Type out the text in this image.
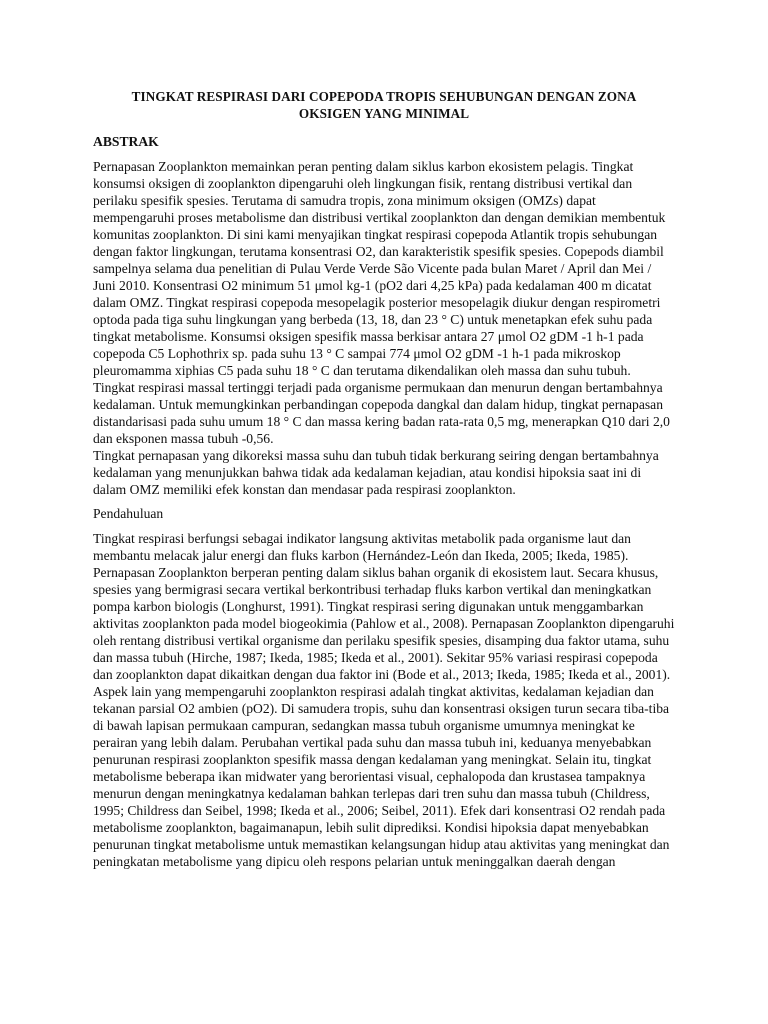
TINGKAT RESPIRASI DARI COPEPODA TROPIS SEHUBUNGAN DENGAN ZONA
OKSIGEN YANG MINIMAL
ABSTRAK

Pernapasan Zooplankton memainkan peran penting dalam siklus karbon ekosistem pelagis. Tingkat konsumsi oksigen di zooplankton dipengaruhi oleh lingkungan fisik, rentang distribusi vertikal dan perilaku spesifik spesies. Terutama di samudra tropis, zona minimum oksigen (OMZs) dapat mempengaruhi proses metabolisme dan distribusi vertikal zooplankton dan dengan demikian membentuk komunitas zooplankton. Di sini kami menyajikan tingkat respirasi copepoda Atlantik tropis sehubungan dengan faktor lingkungan, terutama konsentrasi O2, dan karakteristik spesifik spesies. Copepods diambil sampelnya selama dua penelitian di Pulau Verde Verde São Vicente pada bulan Maret / April dan Mei / Juni 2010. Konsentrasi O2 minimum 51 μmol kg-1 (pO2 dari 4,25 kPa) pada kedalaman 400 m dicatat dalam OMZ. Tingkat respirasi copepoda mesopelagik posterior mesopelagik diukur dengan respirometri optoda pada tiga suhu lingkungan yang berbeda (13, 18, dan 23 ° C) untuk menetapkan efek suhu pada tingkat metabolisme. Konsumsi oksigen spesifik massa berkisar antara 27 μmol O2 gDM -1 h-1 pada copepoda C5 Lophothrix sp. pada suhu 13 ° C sampai 774 μmol O2 gDM -1 h-1 pada mikroskop pleuromamma xiphias C5 pada suhu 18 ° C dan terutama dikendalikan oleh massa dan suhu tubuh. Tingkat respirasi massal tertinggi terjadi pada organisme permukaan dan menurun dengan bertambahnya kedalaman. Untuk memungkinkan perbandingan copepoda dangkal dan dalam hidup, tingkat pernapasan distandarisasi pada suhu umum 18 ° C dan massa kering badan rata-rata 0,5 mg, menerapkan Q10 dari 2,0 dan eksponen massa tubuh -0,56.

Tingkat pernapasan yang dikoreksi massa suhu dan tubuh tidak berkurang seiring dengan bertambahnya kedalaman yang menunjukkan bahwa tidak ada kedalaman kejadian, atau kondisi hipoksia saat ini di dalam OMZ memiliki efek konstan dan mendasar pada respirasi zooplankton.

Pendahuluan

Tingkat respirasi berfungsi sebagai indikator langsung aktivitas metabolik pada organisme laut dan membantu melacak jalur energi dan fluks karbon (Hernández-León dan Ikeda, 2005; Ikeda, 1985). Pernapasan Zooplankton berperan penting dalam siklus bahan organik di ekosistem laut. Secara khusus, spesies yang bermigrasi secara vertikal berkontribusi terhadap fluks karbon vertikal dan meningkatkan pompa karbon biologis (Longhurst, 1991). Tingkat respirasi sering digunakan untuk menggambarkan aktivitas zooplankton pada model biogeokimia (Pahlow et al., 2008). Pernapasan Zooplankton dipengaruhi oleh rentang distribusi vertikal organisme dan perilaku spesifik spesies, disamping dua faktor utama, suhu dan massa tubuh (Hirche, 1987; Ikeda, 1985; Ikeda et al., 2001). Sekitar 95% variasi respirasi copepoda dan zooplankton dapat dikaitkan dengan dua faktor ini (Bode et al., 2013; Ikeda, 1985; Ikeda et al., 2001). Aspek lain yang mempengaruhi zooplankton respirasi adalah tingkat aktivitas, kedalaman kejadian dan tekanan parsial O2 ambien (pO2). Di samudera tropis, suhu dan konsentrasi oksigen turun secara tiba-tiba di bawah lapisan permukaan campuran, sedangkan massa tubuh organisme umumnya meningkat ke perairan yang lebih dalam. Perubahan vertikal pada suhu dan massa tubuh ini, keduanya menyebabkan penurunan respirasi zooplankton spesifik massa dengan kedalaman yang meningkat. Selain itu, tingkat metabolisme beberapa ikan midwater yang berorientasi visual, cephalopoda dan krustasea tampaknya menurun dengan meningkatnya kedalaman bahkan terlepas dari tren suhu dan massa tubuh (Childress, 1995; Childress dan Seibel, 1998; Ikeda et al., 2006; Seibel, 2011). Efek dari konsentrasi O2 rendah pada metabolisme zooplankton, bagaimanapun, lebih sulit diprediksi. Kondisi hipoksia dapat menyebabkan penurunan tingkat metabolisme untuk memastikan kelangsungan hidup atau aktivitas yang meningkat dan peningkatan metabolisme yang dipicu oleh respons pelarian untuk meninggalkan daerah dengan
